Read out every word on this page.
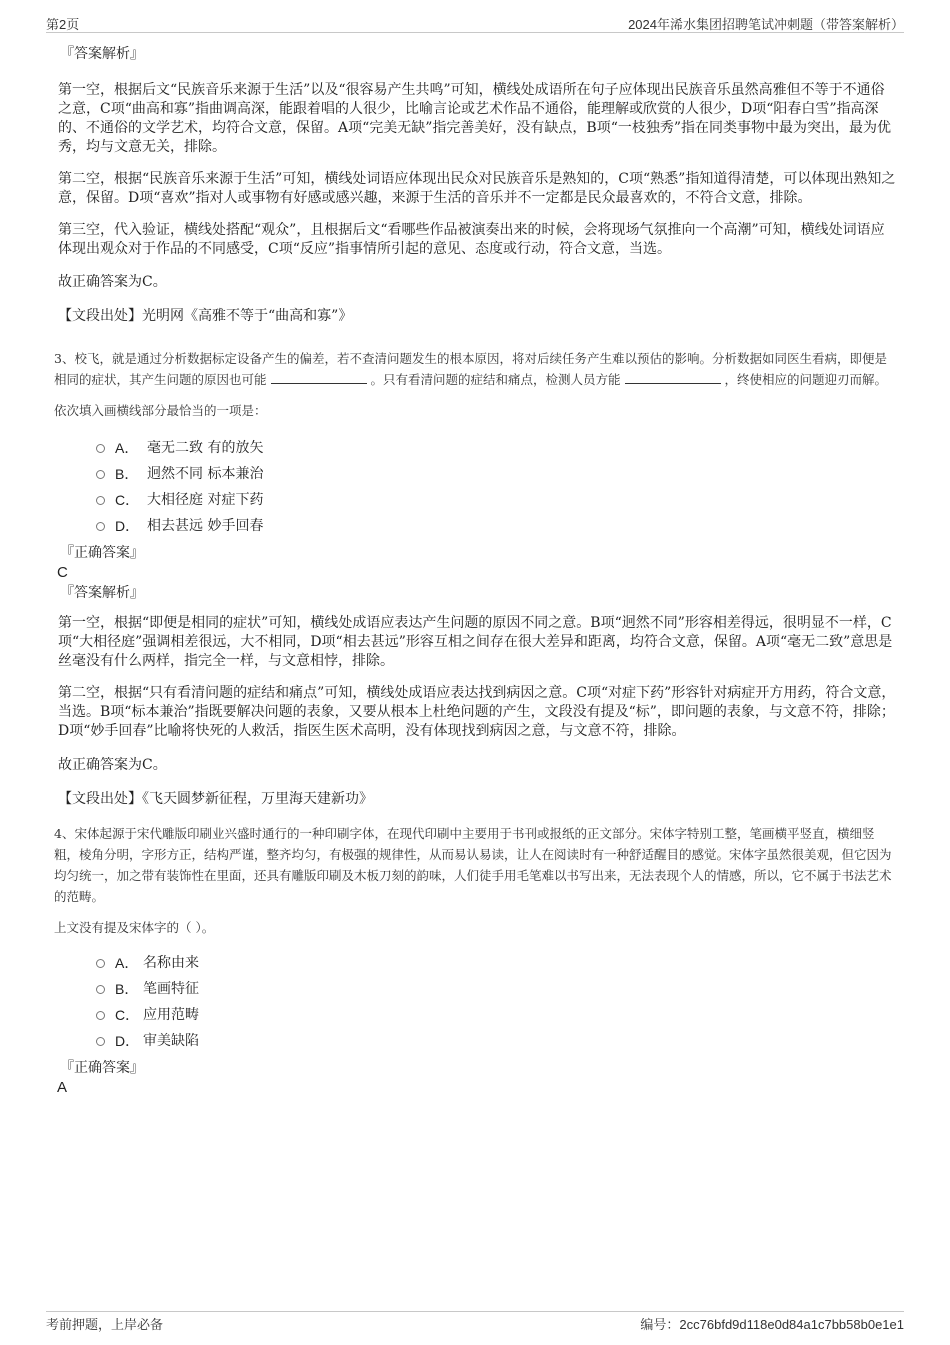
第2页	2024年浠水集团招聘笔试冲刺题（带答案解析）
『答案解析』

第一空，根据后文“民族音乐来源于生活”以及“很容易产生共鸣”可知，横线处成语所在句子应体现出民族音乐虽然高雅但不等于不通俗之意，C项“曲高和寡”指曲调高深，能跟着唱的人很少，比喻言论或艺术作品不通俗，能理解或欣赏的人很少，D项“阳春白雪”指高深的、不通俗的文学艺术，均符合文意，保留。A项“完美无缺”指完善美好，没有缺点，B项“一枝独秀”指在同类事物中最为突出，最为优秀，均与文意无关，排除。

第二空，根据“民族音乐来源于生活”可知，横线处词语应体现出民众对民族音乐是熟知的，C项“熟悉”指知道得清楚，可以体现出熟知之意，保留。D项“喜欢”指对人或事物有好感或感兴趣，来源于生活的音乐并不一定都是民众最喜欢的，不符合文意，排除。

第三空，代入验证，横线处搭配“观众”，且根据后文“看哪些作品被演奏出来的时候，会将现场气氛推向一个高潮”可知，横线处词语应体现出观众对于作品的不同感受，C项“反应”指事情所引起的意见、态度或行动，符合文意，当选。

故正确答案为C。

【文段出处】光明网《高雅不等于“曲高和寡”》

3、校飞，就是通过分析数据标定设备产生的偏差，若不查清问题发生的根本原因，将对后续任务产生难以预估的影响。分析数据如同医生看病，即便是相同的症状，其产生问题的原因也可能	。只有看清问题的症结和痛点，检测人员方能	，终使相应的问题迎刃而解。

依次填入画横线部分最恰当的一项是：

A． 毫无二致 有的放矢
B． 迥然不同 标本兼治
C． 大相径庭 对症下药
D． 相去甚远 妙手回春
『正确答案』
C
『答案解析』

第一空，根据“即便是相同的症状”可知，横线处成语应表达产生问题的原因不同之意。B项“迥然不同”形容相差得远，很明显不一样，C项“大相径庭”强调相差很远，大不相同，D项“相去甚远”形容互相之间存在很大差异和距离，均符合文意，保留。A项“毫无二致”意思是丝毫没有什么两样，指完全一样，与文意相悖，排除。

第二空，根据“只有看清问题的症结和痛点”可知，横线处成语应表达找到病因之意。C项“对症下药”形容针对病症开方用药，符合文意，当选。B项“标本兼治”指既要解决问题的表象，又要从根本上杜绝问题的产生，文段没有提及“标”，即问题的表象，与文意不符，排除；D项“妙手回春”比喻将快死的人救活，指医生医术高明，没有体现找到病因之意，与文意不符，排除。

故正确答案为C。

【文段出处】《飞天圆梦新征程，万里海天建新功》

4、宋体起源于宋代雕版印刷业兴盛时通行的一种印刷字体，在现代印刷中主要用于书刊或报纸的正文部分。宋体字特别工整，笔画横平竖直，横细竖粗，棱角分明，字形方正，结构严谨，整齐均匀，有极强的规律性，从而易认易读，让人在阅读时有一种舒适醒目的感觉。宋体字虽然很美观，但它因为均匀统一，加之带有装饰性在里面，还具有雕版印刷及木板刀刻的韵味，人们徒手用毛笔难以书写出来，无法表现个人的情感，所以，它不属于书法艺术的范畴。

上文没有提及宋体字的（ ）。

A． 名称由来
B． 笔画特征
C． 应用范畴
D． 审美缺陷
『正确答案』
A
考前押题，上岸必备	编号：2cc76bfd9d118e0d84a1c7bb58b0e1e1
